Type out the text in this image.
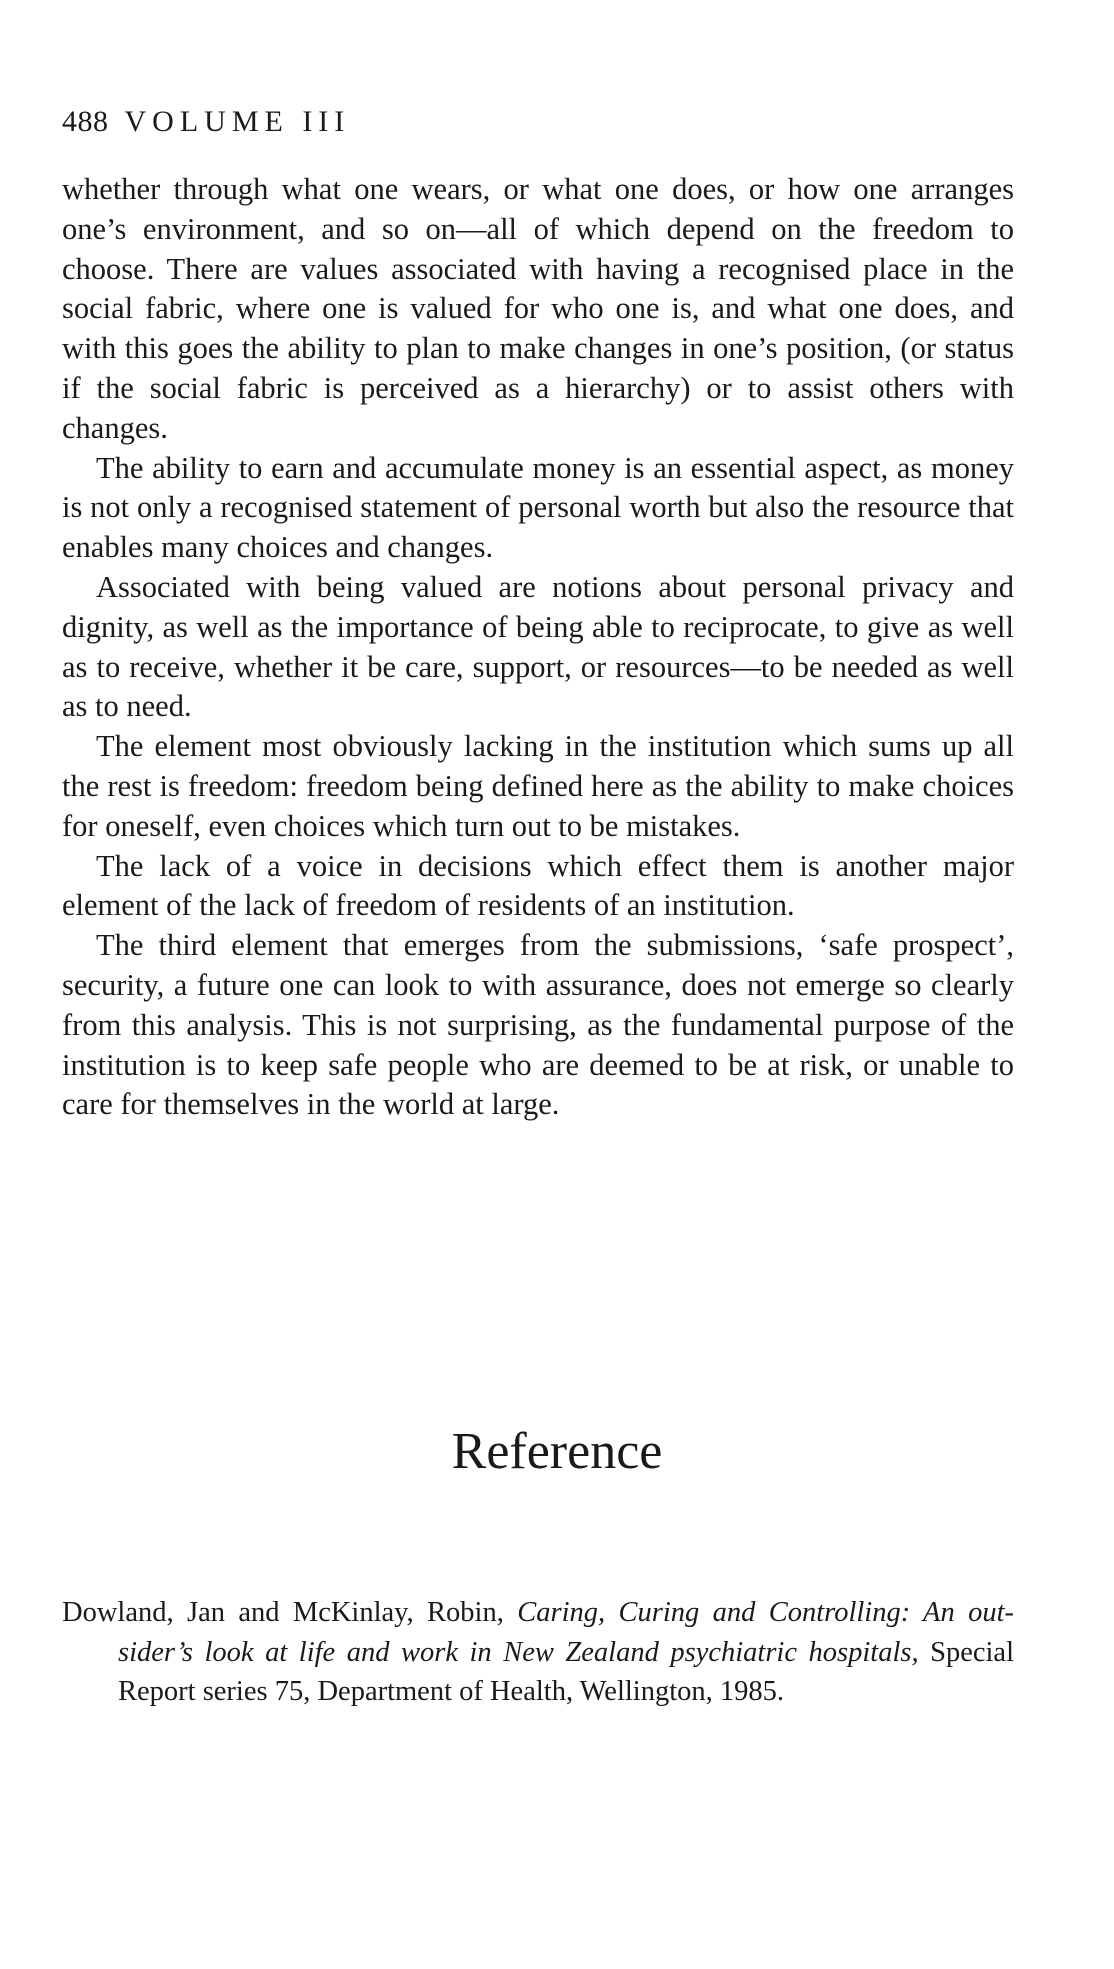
488 VOLUME III

whether through what one wears, or what one does, or how one arranges one’s environment, and so on—all of which depend on the freedom to choose. There are values associated with having a recognised place in the social fabric, where one is valued for who one is, and what one does, and with this goes the ability to plan to make changes in one’s position, (or status if the social fabric is perceived as a hierarchy) or to assist others with changes.

The ability to earn and accumulate money is an essential aspect, as money is not only a recognised statement of personal worth but also the resource that enables many choices and changes.

Associated with being valued are notions about personal privacy and dignity, as well as the importance of being able to reciprocate, to give as well as to receive, whether it be care, support, or resources—to be needed as well as to need.

The element most obviously lacking in the institution which sums up all the rest is freedom: freedom being defined here as the ability to make choices for oneself, even choices which turn out to be mistakes.

The lack of a voice in decisions which effect them is another major element of the lack of freedom of residents of an institution.

The third element that emerges from the submissions, ‘safe prospect’, security, a future one can look to with assurance, does not emerge so clearly from this analysis. This is not surprising, as the fundamental purpose of the institution is to keep safe people who are deemed to be at risk, or unable to care for themselves in the world at large.

Reference
Dowland, Jan and McKinlay, Robin, Caring, Curing and Controlling: An outsider’s look at life and work in New Zealand psychiatric hospitals, Special Report series 75, Department of Health, Wellington, 1985.
